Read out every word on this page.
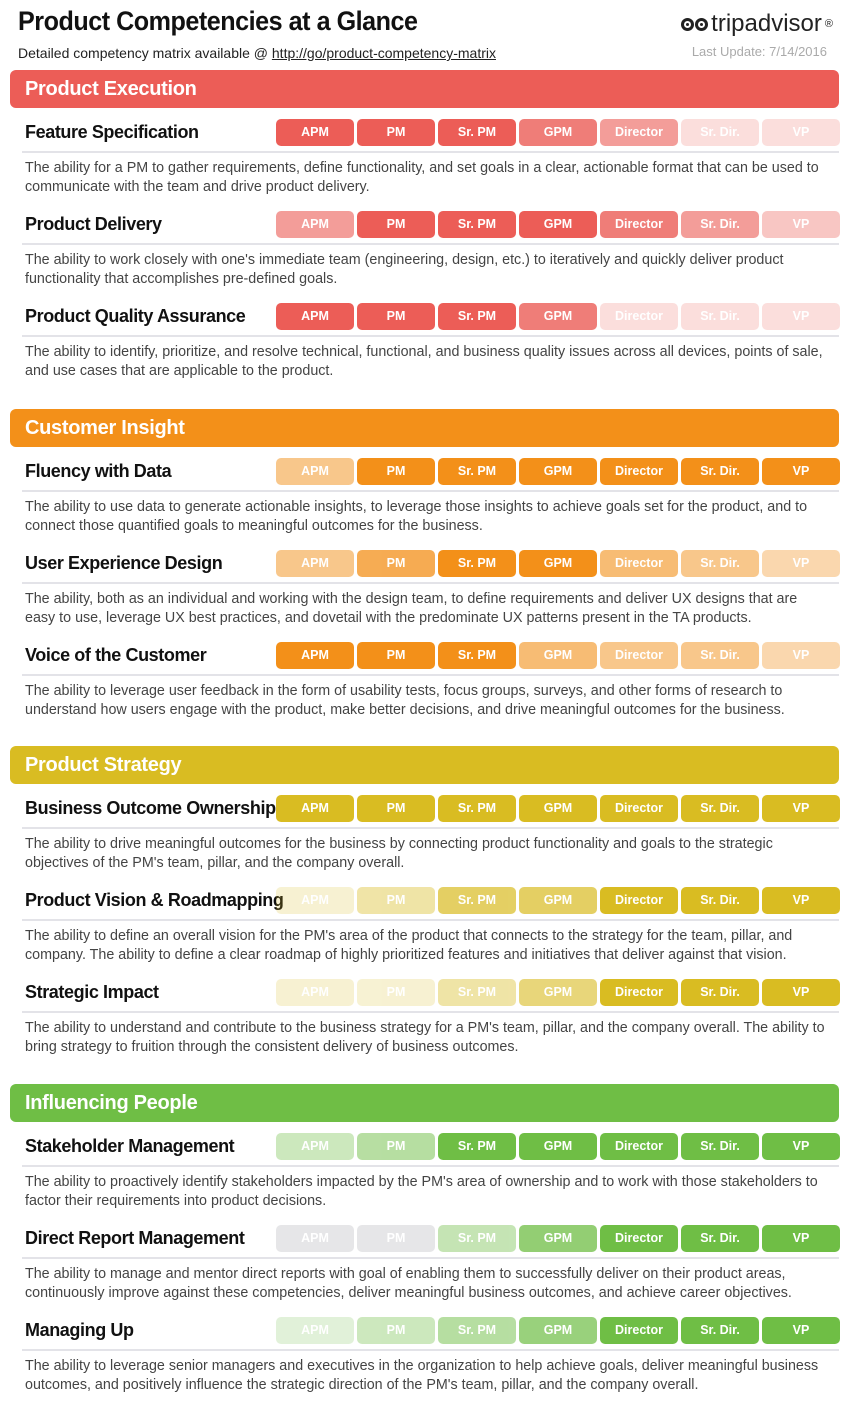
Product Competencies at a Glance
Detailed competency matrix available @ http://go/product-competency-matrix
tripadvisor ®
Last Update: 7/14/2016
Product Execution
Feature Specification	APM	PM	Sr. PM	GPM	Director	Sr. Dir.	VP
The ability for a PM to gather requirements, define functionality, and set goals in a clear, actionable format that can be used to communicate with the team and drive product delivery.
Product Delivery	APM	PM	Sr. PM	GPM	Director	Sr. Dir.	VP
The ability to work closely with one's immediate team (engineering, design, etc.) to iteratively and quickly deliver product functionality that accomplishes pre-defined goals.
Product Quality Assurance	APM	PM	Sr. PM	GPM	Director	Sr. Dir.	VP
The ability to identify, prioritize, and resolve technical, functional, and business quality issues across all devices, points of sale, and use cases that are applicable to the product.
Customer Insight
Fluency with Data	APM	PM	Sr. PM	GPM	Director	Sr. Dir.	VP
The ability to use data to generate actionable insights, to leverage those insights to achieve goals set for the product, and to connect those quantified goals to meaningful outcomes for the business.
User Experience Design	APM	PM	Sr. PM	GPM	Director	Sr. Dir.	VP
The ability, both as an individual and working with the design team, to define requirements and deliver UX designs that are easy to use, leverage UX best practices, and dovetail with the predominate UX patterns present in the TA products.
Voice of the Customer	APM	PM	Sr. PM	GPM	Director	Sr. Dir.	VP
The ability to leverage user feedback in the form of usability tests, focus groups, surveys, and other forms of research to understand how users engage with the product, make better decisions, and drive meaningful outcomes for the business.
Product Strategy
Business Outcome Ownership	APM	PM	Sr. PM	GPM	Director	Sr. Dir.	VP
The ability to drive meaningful outcomes for the business by connecting product functionality and goals to the strategic objectives of the PM's team, pillar, and the company overall.
Product Vision & Roadmapping	APM	PM	Sr. PM	GPM	Director	Sr. Dir.	VP
The ability to define an overall vision for the PM's area of the product that connects to the strategy for the team, pillar, and company. The ability to define a clear roadmap of highly prioritized features and initiatives that deliver against that vision.
Strategic Impact	APM	PM	Sr. PM	GPM	Director	Sr. Dir.	VP
The ability to understand and contribute to the business strategy for a PM's team, pillar, and the company overall. The ability to bring strategy to fruition through the consistent delivery of business outcomes.
Influencing People
Stakeholder Management	APM	PM	Sr. PM	GPM	Director	Sr. Dir.	VP
The ability to proactively identify stakeholders impacted by the PM's area of ownership and to work with those stakeholders to factor their requirements into product decisions.
Direct Report Management	APM	PM	Sr. PM	GPM	Director	Sr. Dir.	VP
The ability to manage and mentor direct reports with goal of enabling them to successfully deliver on their product areas, continuously improve against these competencies, deliver meaningful business outcomes, and achieve career objectives.
Managing Up	APM	PM	Sr. PM	GPM	Director	Sr. Dir.	VP
The ability to leverage senior managers and executives in the organization to help achieve goals, deliver meaningful business outcomes, and positively influence the strategic direction of the PM's team, pillar, and the company overall.
